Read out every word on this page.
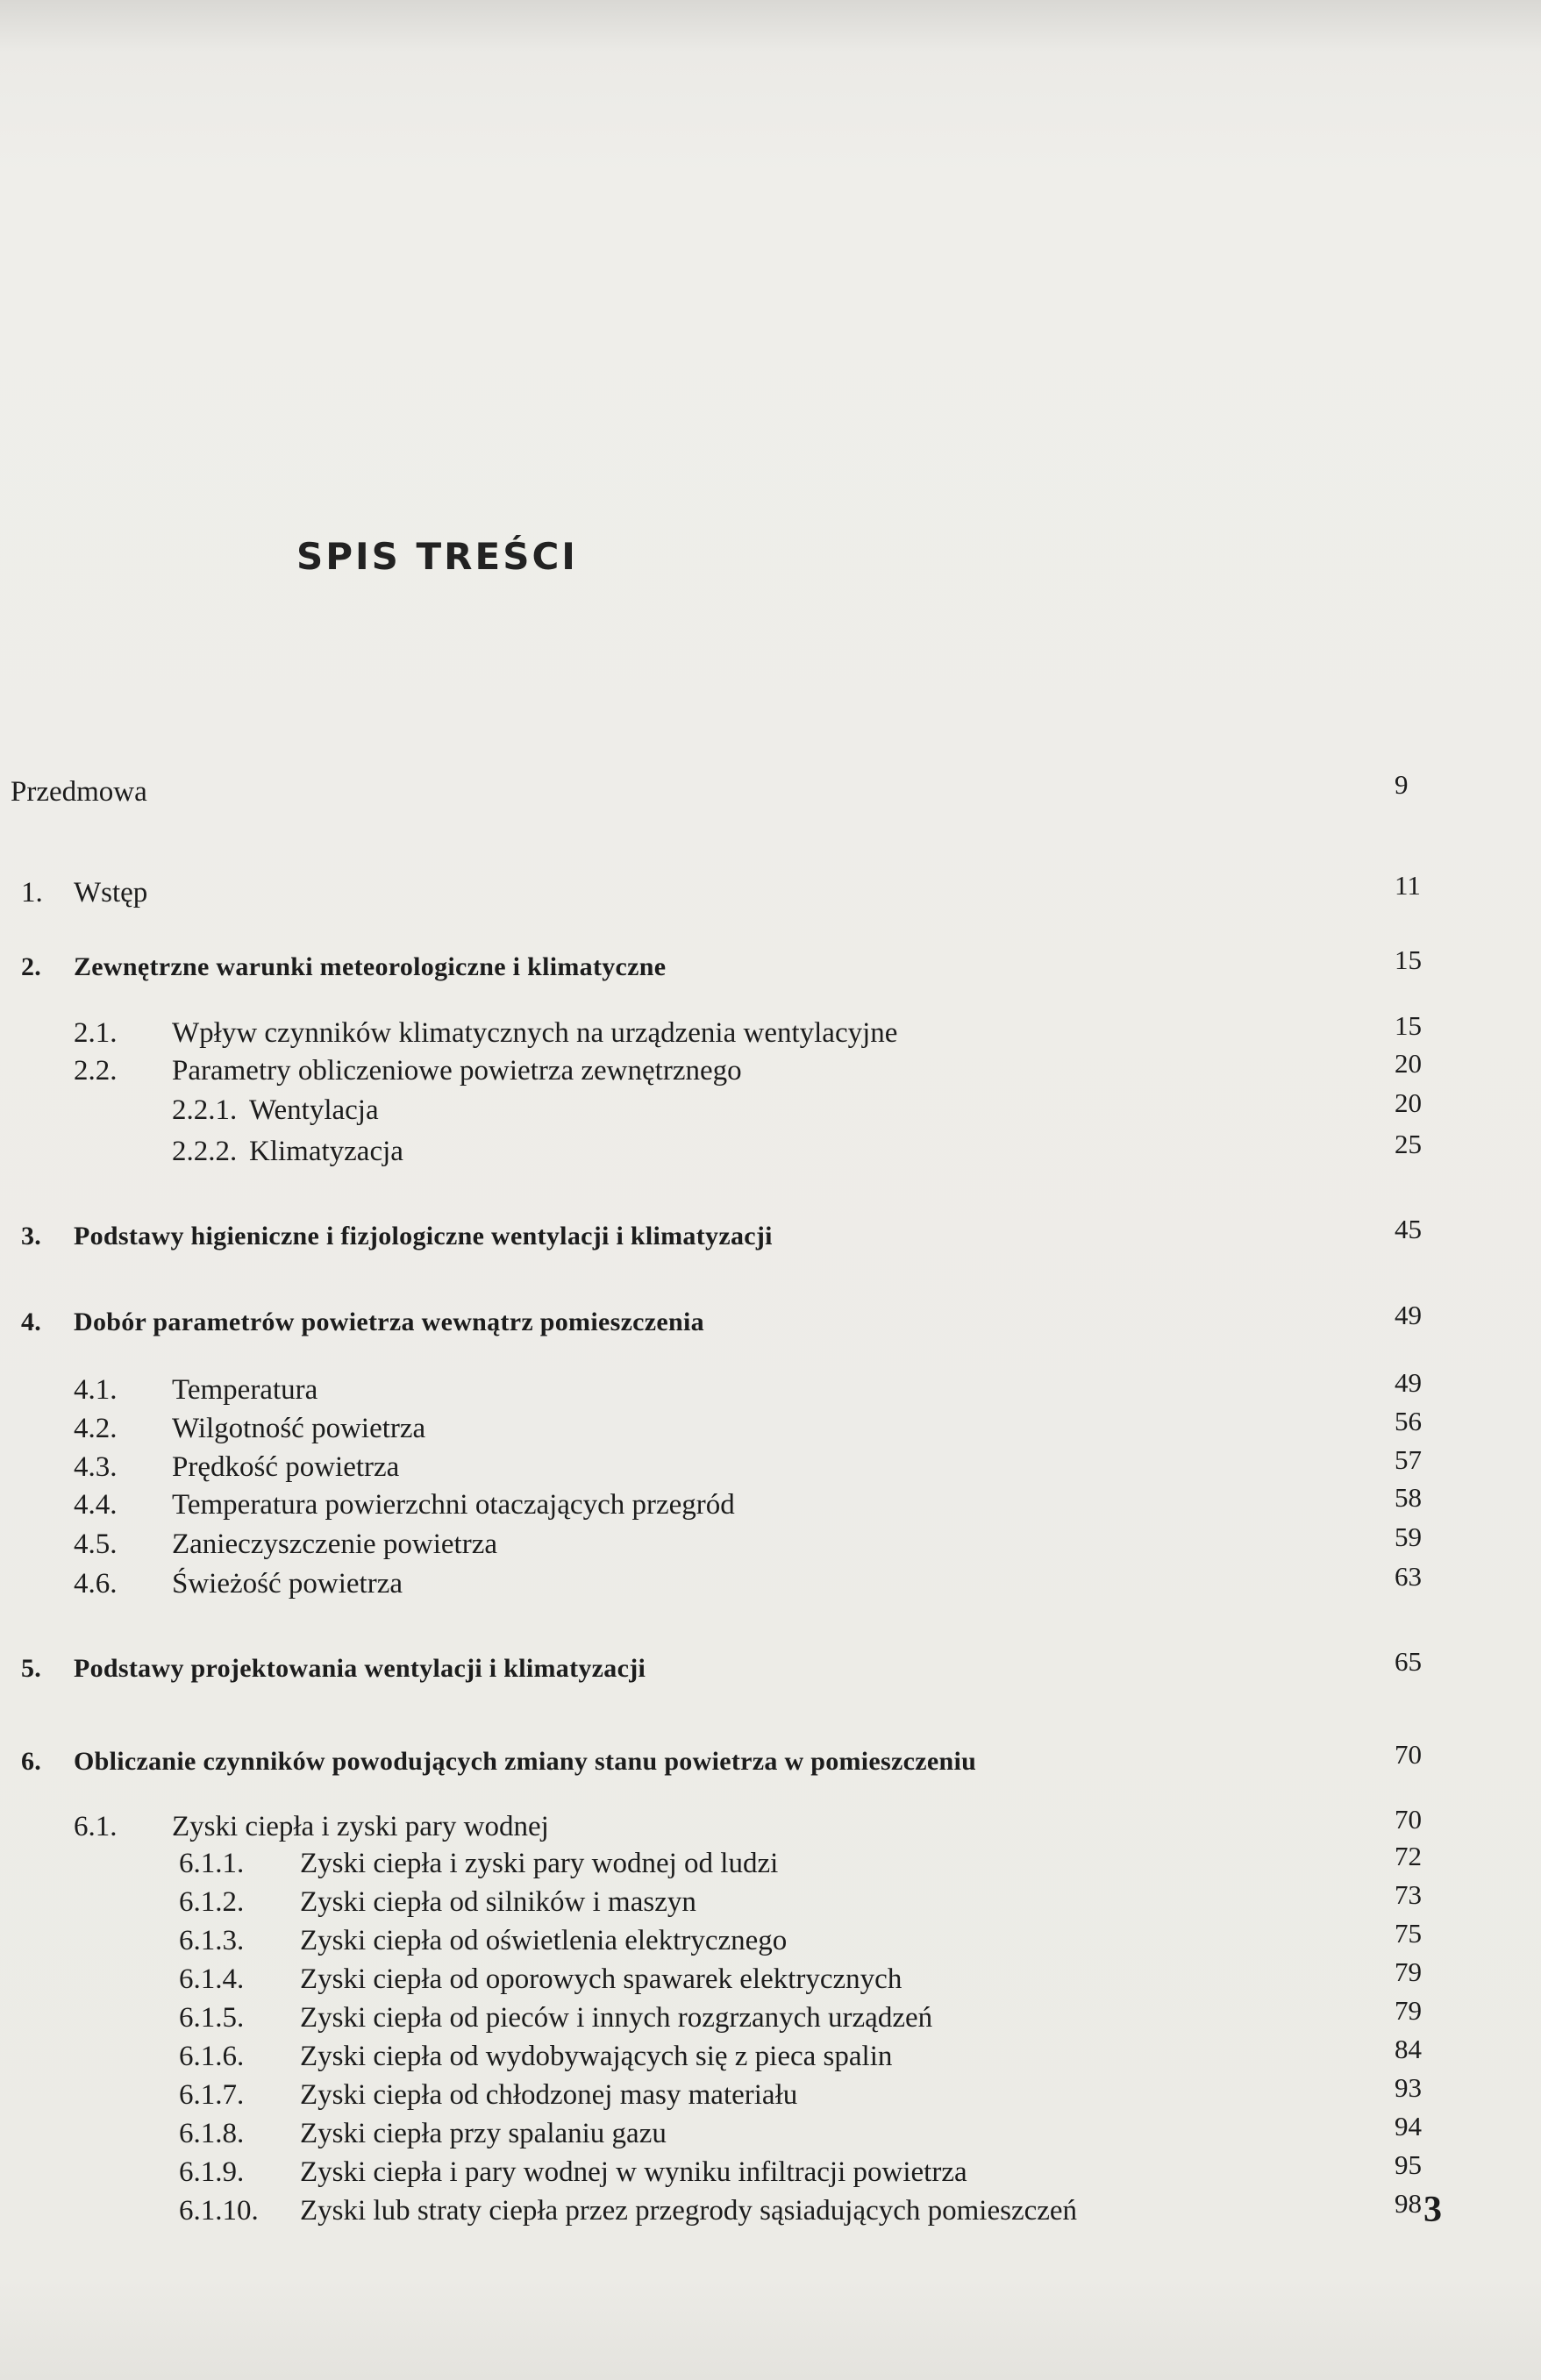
SPIS TREŚCI
Przedmowa	9
1. Wstęp	11
2. Zewnętrzne warunki meteorologiczne i klimatyczne	15
2.1. Wpływ czynników klimatycznych na urządzenia wentylacyjne	15
2.2. Parametry obliczeniowe powietrza zewnętrznego	20
2.2.1. Wentylacja	20
2.2.2. Klimatyzacja	25
3. Podstawy higieniczne i fizjologiczne wentylacji i klimatyzacji	45
4. Dobór parametrów powietrza wewnątrz pomieszczenia	49
4.1. Temperatura	49
4.2. Wilgotność powietrza	56
4.3. Prędkość powietrza	57
4.4. Temperatura powierzchni otaczających przegród	58
4.5. Zanieczyszczenie powietrza	59
4.6. Świeżość powietrza	63
5. Podstawy projektowania wentylacji i klimatyzacji	65
6. Obliczanie czynników powodujących zmiany stanu powietrza w pomieszczeniu	70
6.1. Zyski ciepła i zyski pary wodnej	70
6.1.1. Zyski ciepła i zyski pary wodnej od ludzi	72
6.1.2. Zyski ciepła od silników i maszyn	73
6.1.3. Zyski ciepła od oświetlenia elektrycznego	75
6.1.4. Zyski ciepła od oporowych spawarek elektrycznych	79
6.1.5. Zyski ciepła od pieców i innych rozgrzanych urządzeń	79
6.1.6. Zyski ciepła od wydobywających się z pieca spalin	84
6.1.7. Zyski ciepła od chłodzonej masy materiału	93
6.1.8. Zyski ciepła przy spalaniu gazu	94
6.1.9. Zyski ciepła i pary wodnej w wyniku infiltracji powietrza	95
6.1.10. Zyski lub straty ciepła przez przegrody sąsiadujących pomieszczeń	98 3
